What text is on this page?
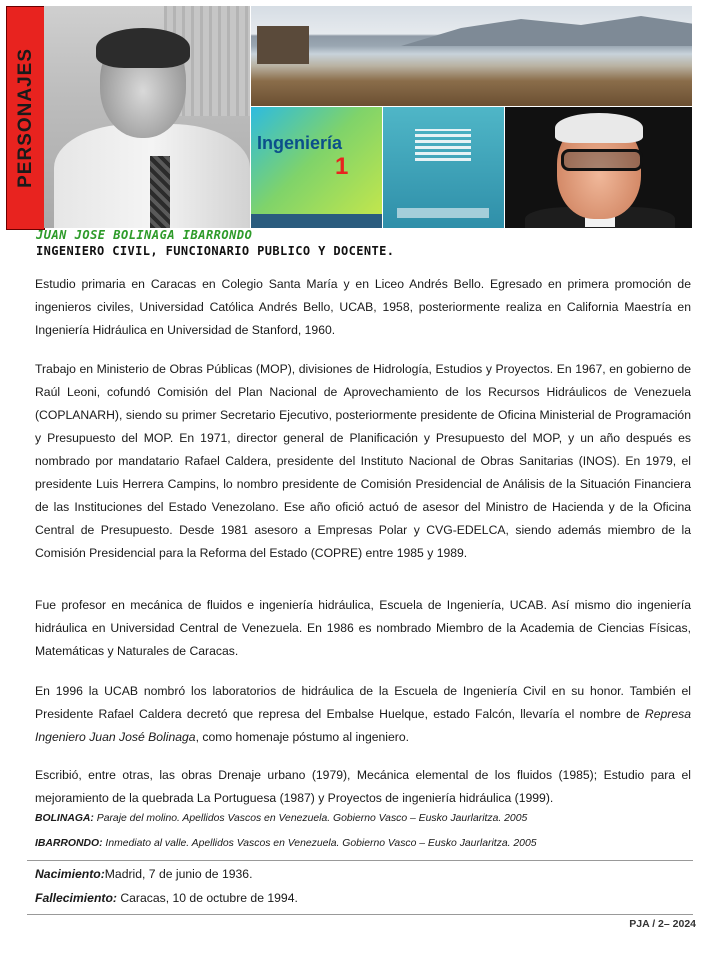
PERSONAJES	Ingeniería
1
JUAN JOSE BOLINAGA IBARRONDO
INGENIERO CIVIL, FUNCIONARIO PUBLICO Y DOCENTE.

Estudio primaria en Caracas en Colegio Santa María y en Liceo Andrés Bello. Egresado en primera promoción de ingenieros civiles, Universidad Católica Andrés Bello, UCAB, 1958, posteriormente realiza en California Maestría en Ingeniería Hidráulica en Universidad de Stanford, 1960.

Trabajo en Ministerio de Obras Públicas (MOP), divisiones de Hidrología, Estudios y Proyectos. En 1967, en gobierno de Raúl Leoni, cofundó Comisión del Plan Nacional de Aprovechamiento de los Recursos Hidráulicos de Venezuela (COPLANARH), siendo su primer Secretario Ejecutivo, posteriormente presidente de Oficina Ministerial de Programación y Presupuesto del MOP. En 1971, director general de Planificación y Presupuesto del MOP, y un año después es nombrado por mandatario Rafael Caldera, presidente del Instituto Nacional de Obras Sanitarias (INOS). En 1979, el presidente Luis Herrera Campins, lo nombro presidente de Comisión Presidencial de Análisis de la Situación Financiera de las Instituciones del Estado Venezolano. Ese año ofició actuó de asesor del Ministro de Hacienda y de la Oficina Central de Presupuesto. Desde 1981 asesoro a Empresas Polar y CVG-EDELCA, siendo además miembro de la Comisión Presidencial para la Reforma del Estado (COPRE) entre 1985 y 1989.

Fue profesor en mecánica de fluidos e ingeniería hidráulica, Escuela de Ingeniería, UCAB. Así mismo dio ingeniería hidráulica en Universidad Central de Venezuela. En 1986 es nombrado Miembro de la Academia de Ciencias Físicas, Matemáticas y Naturales de Caracas.

En 1996 la UCAB nombró los laboratorios de hidráulica de la Escuela de Ingeniería Civil en su honor. También el Presidente Rafael Caldera decretó que represa del Embalse Huelque, estado Falcón, llevaría el nombre de Represa Ingeniero Juan José Bolinaga, como homenaje póstumo al ingeniero.

Escribió, entre otras, las obras Drenaje urbano (1979), Mecánica elemental de los fluidos (1985); Estudio para el mejoramiento de la quebrada La Portuguesa (1987) y Proyectos de ingeniería hidráulica (1999).

BOLINAGA: Paraje del molino. Apellidos Vascos en Venezuela. Gobierno Vasco – Eusko Jaurlaritza. 2005

IBARRONDO: Inmediato al valle. Apellidos Vascos en Venezuela. Gobierno Vasco – Eusko Jaurlaritza. 2005

Nacimiento:Madrid, 7 de junio de 1936.

Fallecimiento: Caracas, 10 de octubre de 1994.

PJA / 2– 2024
